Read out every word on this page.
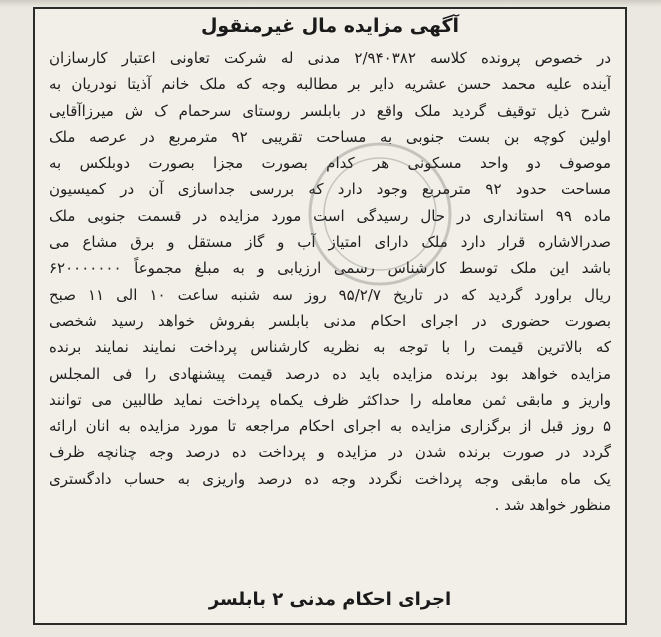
آگهی مزایده مال غیرمنقول
در خصوص پرونده کلاسه ۲/۹۴۰۳۸۲ مدنی له شرکت تعاونی اعتبار کارسازان
آینده علیه محمد حسن عشریه دایر بر مطالبه وجه که ملک خانم آذیتا نودریان به
شرح ذیل توقیف گردید ملک واقع در بابلسر روستای سرحمام ک ش میرزاآقایی
اولین کوچه بن بست جنوبی به مساحت تقریبی ۹۲ مترمربع در عرصه ملک
موصوف دو واحد مسکونی هر کدام بصورت مجزا بصورت دوبلکس به
مساحت حدود ۹۲ مترمربع وجود دارد که بررسی جداسازی آن در کمیسیون
ماده ۹۹ استانداری در حال رسیدگی است مورد مزایده در قسمت جنوبی ملک
صدرالاشاره قرار دارد ملک دارای امتیاز آب و گاز مستقل و برق مشاع می
باشد این ملک توسط کارشناس رسمی ارزیابی و به مبلغ مجموعاً ۶۲۰۰۰۰۰۰۰
ریال براورد گردید که در تاریخ ۹۵/۲/۷ روز سه شنبه ساعت ۱۰ الی ۱۱ صبح
بصورت حضوری در اجرای احکام مدنی بابلسر بفروش خواهد رسید شخصی
که بالاترین قیمت را با توجه به نظریه کارشناس پرداخت نمایند نمایند برنده
مزایده خواهد بود برنده مزایده باید ده درصد قیمت پیشنهادی را فی المجلس
واریز و مابقی ثمن معامله را حداکثر ظرف یکماه پرداخت نماید طالبین می توانند
۵ روز قبل از برگزاری مزایده به اجرای احکام مراجعه تا مورد مزایده به انان ارائه
گردد در صورت برنده شدن در مزایده و پرداخت ده درصد وجه چنانچه ظرف
یک ماه مابقی وجه پرداخت نگردد وجه ده درصد واریزی به حساب دادگستری
منظور خواهد شد .
اجرای احکام مدنی ۲ بابلسر
